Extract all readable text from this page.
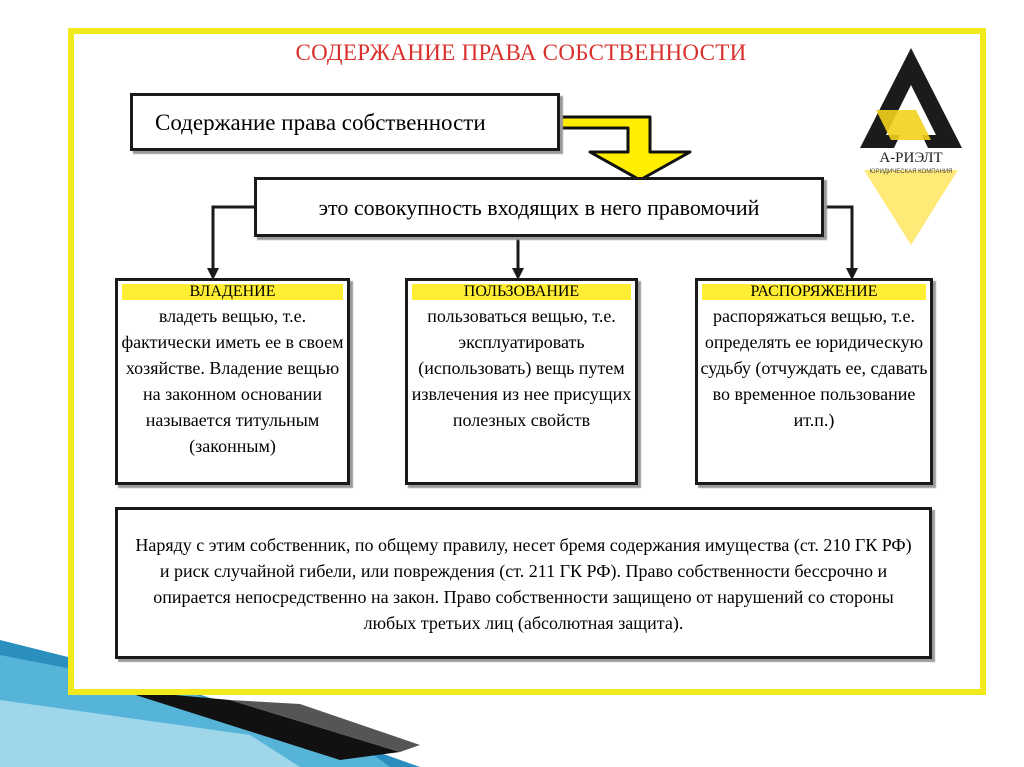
СОДЕРЖАНИЕ ПРАВА СОБСТВЕННОСТИ
Содержание права собственности
это совокупность входящих в него правомочий
ВЛАДЕНИЕ
владеть вещью, т.е. фактически иметь ее в своем хозяйстве. Владение вещью на законном основании называется титульным (законным)
ПОЛЬЗОВАНИЕ
пользоваться вещью, т.е. эксплуатировать (использовать) вещь путем извлечения из нее присущих полезных свойств
РАСПОРЯЖЕНИЕ
распоряжаться вещью, т.е. определять ее юридическую судьбу (отчуждать ее, сдавать во временное пользование ит.п.)
Наряду с этим собственник, по общему правилу, несет бремя содержания имущества (ст. 210 ГК РФ) и риск случайной гибели, или повреждения (ст. 211 ГК РФ). Право собственности бессрочно и опирается непосредственно на закон. Право собственности защищено от нарушений со стороны любых третьих лиц (абсолютная защита).
А-РИЭЛТ
ЮРИДИЧЕСКАЯ КОМПАНИЯ
